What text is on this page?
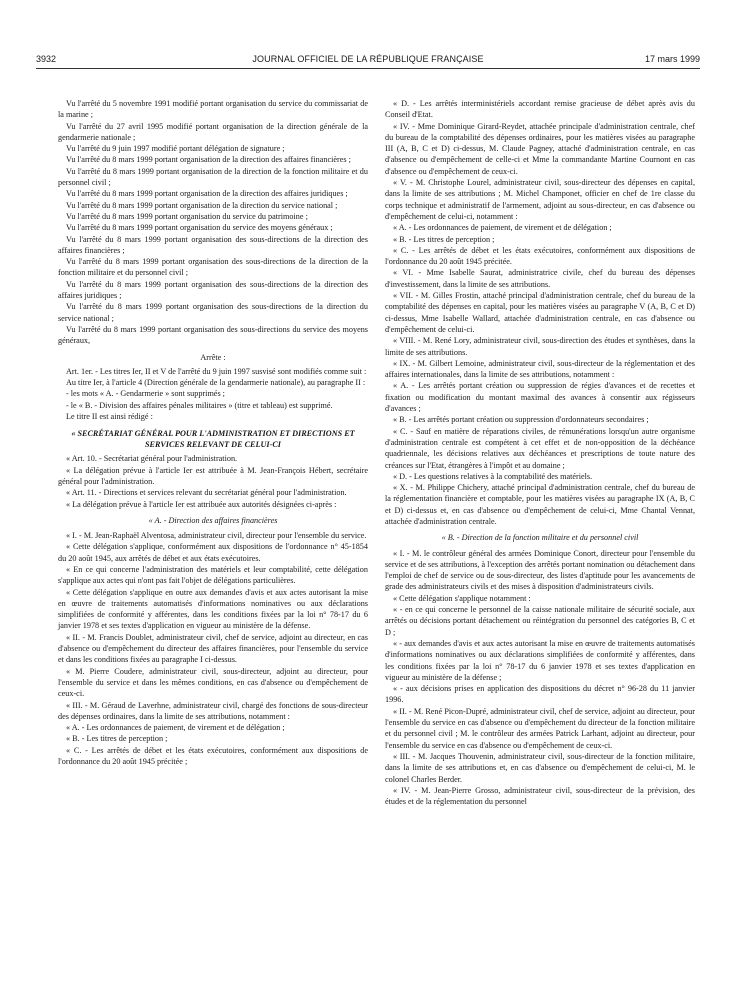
3932	JOURNAL OFFICIEL DE LA RÉPUBLIQUE FRANÇAISE	17 mars 1999

Vu l'arrêté du 5 novembre 1991 modifié portant organisation du service du commissariat de la marine ;

Vu l'arrêté du 27 avril 1995 modifié portant organisation de la direction générale de la gendarmerie nationale ;

Vu l'arrêté du 9 juin 1997 modifié portant délégation de signature ;

Vu l'arrêté du 8 mars 1999 portant organisation de la direction des affaires financières ;

Vu l'arrêté du 8 mars 1999 portant organisation de la direction de la fonction militaire et du personnel civil ;

Vu l'arrêté du 8 mars 1999 portant organisation de la direction des affaires juridiques ;

Vu l'arrêté du 8 mars 1999 portant organisation de la direction du service national ;

Vu l'arrêté du 8 mars 1999 portant organisation du service du patrimoine ;

Vu l'arrêté du 8 mars 1999 portant organisation du service des moyens généraux ;

Vu l'arrêté du 8 mars 1999 portant organisation des sous-directions de la direction des affaires financières ;

Vu l'arrêté du 8 mars 1999 portant organisation des sous-directions de la direction de la fonction militaire et du personnel civil ;

Vu l'arrêté du 8 mars 1999 portant organisation des sous-directions de la direction des affaires juridiques ;

Vu l'arrêté du 8 mars 1999 portant organisation des sous-directions de la direction du service national ;

Vu l'arrêté du 8 mars 1999 portant organisation des sous-directions du service des moyens généraux,

Arrête :

Art. 1er. - Les titres Ier, II et V de l'arrêté du 9 juin 1997 susvisé sont modifiés comme suit :

Au titre Ier, à l'article 4 (Direction générale de la gendarmerie nationale), au paragraphe II :

- les mots « A. - Gendarmerie » sont supprimés ;

- le « B. - Division des affaires pénales militaires » (titre et tableau) est supprimé.

Le titre II est ainsi rédigé :

« SECRÉTARIAT GÉNÉRAL POUR L'ADMINISTRATION ET DIRECTIONS ET SERVICES RELEVANT DE CELUI-CI

« Art. 10. - Secrétariat général pour l'administration.

« La délégation prévue à l'article Ier est attribuée à M. Jean-François Hébert, secrétaire général pour l'administration.

« Art. 11. - Directions et services relevant du secrétariat général pour l'administration.

« La délégation prévue à l'article Ier est attribuée aux autorités désignées ci-après :

« A. - Direction des affaires financières

« I. - M. Jean-Raphaël Alventosa, administrateur civil, directeur pour l'ensemble du service.

« Cette délégation s'applique, conformément aux dispositions de l'ordonnance n° 45-1854 du 20 août 1945, aux arrêtés de débet et aux états exécutoires.

« En ce qui concerne l'administration des matériels et leur comptabilité, cette délégation s'applique aux actes qui n'ont pas fait l'objet de délégations particulières.

« Cette délégation s'applique en outre aux demandes d'avis et aux actes autorisant la mise en œuvre de traitements automatisés d'informations nominatives ou aux déclarations simplifiées de conformité y afférentes, dans les conditions fixées par la loi n° 78-17 du 6 janvier 1978 et ses textes d'application en vigueur au ministère de la défense.

« II. - M. Francis Doublet, administrateur civil, chef de service, adjoint au directeur, en cas d'absence ou d'empêchement du directeur des affaires financières, pour l'ensemble du service et dans les conditions fixées au paragraphe I ci-dessus.

« M. Pierre Coudere, administrateur civil, sous-directeur, adjoint au directeur, pour l'ensemble du service et dans les mêmes conditions, en cas d'absence ou d'empêchement de ceux-ci.

« III. - M. Géraud de Laverhne, administrateur civil, chargé des fonctions de sous-directeur des dépenses ordinaires, dans la limite de ses attributions, notamment :

« A. - Les ordonnances de paiement, de virement et de délégation ;

« B. - Les titres de perception ;

« C. - Les arrêtés de débet et les états exécutoires, conformément aux dispositions de l'ordonnance du 20 août 1945 précitée ;

« D. - Les arrêtés interministériels accordant remise gracieuse de débet après avis du Conseil d'Etat.

« IV. - Mme Dominique Girard-Reydet, attachée principale d'administration centrale, chef du bureau de la comptabilité des dépenses ordinaires, pour les matières visées au paragraphe III (A, B, C et D) ci-dessus, M. Claude Pagney, attaché d'administration centrale, en cas d'absence ou d'empêchement de celle-ci et Mme la commandante Martine Cournont en cas d'absence ou d'empêchement de ceux-ci.

« V. - M. Christophe Lourel, administrateur civil, sous-directeur des dépenses en capital, dans la limite de ses attributions ; M. Michel Champonet, officier en chef de 1re classe du corps technique et administratif de l'armement, adjoint au sous-directeur, en cas d'absence ou d'empêchement de celui-ci, notamment :

« A. - Les ordonnances de paiement, de virement et de délégation ;

« B. - Les titres de perception ;

« C. - Les arrêtés de débet et les états exécutoires, conformément aux dispositions de l'ordonnance du 20 août 1945 précitée.

« VI. - Mme Isabelle Saurat, administratrice civile, chef du bureau des dépenses d'investissement, dans la limite de ses attributions.

« VII. - M. Gilles Frostin, attaché principal d'administration centrale, chef du bureau de la comptabilité des dépenses en capital, pour les matières visées au paragraphe V (A, B, C et D) ci-dessus, Mme Isabelle Wallard, attachée d'administration centrale, en cas d'absence ou d'empêchement de celui-ci.

« VIII. - M. René Lory, administrateur civil, sous-direction des études et synthèses, dans la limite de ses attributions.

« IX. - M. Gilbert Lemoine, administrateur civil, sous-directeur de la réglementation et des affaires internationales, dans la limite de ses attributions, notamment :

« A. - Les arrêtés portant création ou suppression de régies d'avances et de recettes et fixation ou modification du montant maximal des avances à consentir aux régisseurs d'avances ;

« B. - Les arrêtés portant création ou suppression d'ordonnateurs secondaires ;

« C. - Sauf en matière de réparations civiles, de rémunérations lorsqu'un autre organisme d'administration centrale est compétent à cet effet et de non-opposition de la déchéance quadriennale, les décisions relatives aux déchéances et prescriptions de toute nature des créances sur l'Etat, étrangères à l'impôt et au domaine ;

« D. - Les questions relatives à la comptabilité des matériels.

« X. - M. Philippe Chichery, attaché principal d'administration centrale, chef du bureau de la réglementation financière et comptable, pour les matières visées au paragraphe IX (A, B, C et D) ci-dessus et, en cas d'absence ou d'empêchement de celui-ci, Mme Chantal Vennat, attachée d'administration centrale.

« B. - Direction de la fonction militaire et du personnel civil

« I. - M. le contrôleur général des armées Dominique Conort, directeur pour l'ensemble du service et de ses attributions, à l'exception des arrêtés portant nomination ou détachement dans l'emploi de chef de service ou de sous-directeur, des listes d'aptitude pour les avancements de grade des administrateurs civils et des mises à disposition d'administrateurs civils.

« Cette délégation s'applique notamment :

« - en ce qui concerne le personnel de la caisse nationale militaire de sécurité sociale, aux arrêtés ou décisions portant détachement ou réintégration du personnel des catégories B, C et D ;

« - aux demandes d'avis et aux actes autorisant la mise en œuvre de traitements automatisés d'informations nominatives ou aux déclarations simplifiées de conformité y afférentes, dans les conditions fixées par la loi n° 78-17 du 6 janvier 1978 et ses textes d'application en vigueur au ministère de la défense ;

« - aux décisions prises en application des dispositions du décret n° 96-28 du 11 janvier 1996.

« II. - M. René Picon-Dupré, administrateur civil, chef de service, adjoint au directeur, pour l'ensemble du service en cas d'absence ou d'empêchement du directeur de la fonction militaire et du personnel civil ; M. le contrôleur des armées Patrick Larhant, adjoint au directeur, pour l'ensemble du service en cas d'absence ou d'empêchement de ceux-ci.

« III. - M. Jacques Thouvenin, administrateur civil, sous-directeur de la fonction militaire, dans la limite de ses attributions et, en cas d'absence ou d'empêchement de celui-ci, M. le colonel Charles Berder.

« IV. - M. Jean-Pierre Grosso, administrateur civil, sous-directeur de la prévision, des études et de la réglementation du personnel
